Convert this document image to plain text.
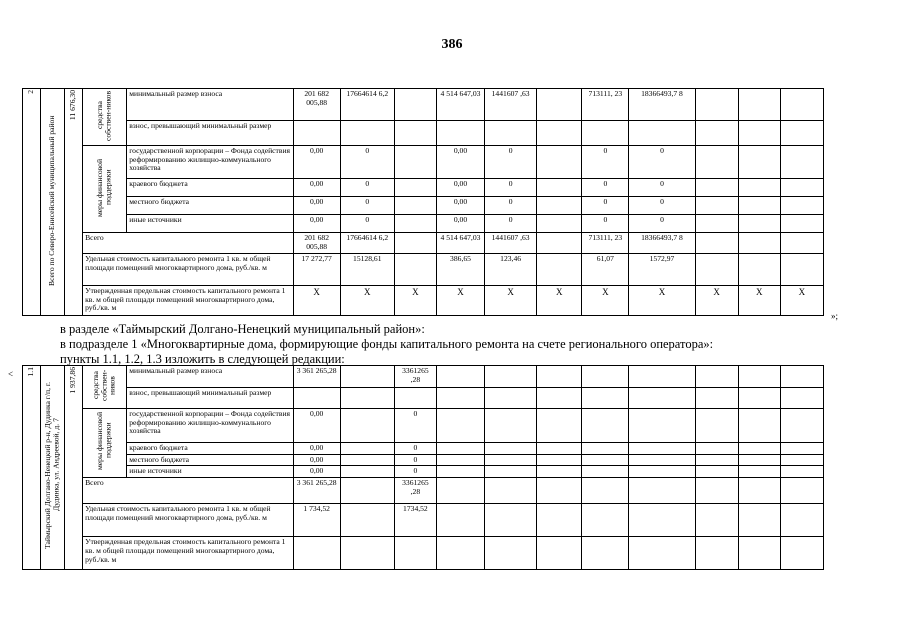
386
2	Всего по Северо-Енисейский муниципальный район	11 676,30	средства собствен-ников	минимальный размер взноса	201 682 005,88	17664614 6,2		4 514 647,03	1441607 ,63		713111, 23	18366493,7 8			
				взнос, превышающий минимальный размер											

			меры финансовой поддержки	государственной корпорации – Фонда содействия реформированию жилищно-коммунального хозяйства	0,00	0		0,00	0		0	0			
				краевого бюджета	0,00	0		0,00	0		0	0			
				местного бюджета	0,00	0		0,00	0		0	0			
				иные источники	0,00	0		0,00	0		0	0			
			Всего		201 682 005,88	17664614 6,2		4 514 647,03	1441607 ,63		713111, 23	18366493,7 8			
			Удельная стоимость капитального ремонта 1 кв. м общей площади помещений многоквартирного дома, руб./кв. м		17 272,77	15128,61		386,65	123,46		61,07	1572,97			
			Утвержденная предельная стоимость капитального ремонта 1 кв. м общей площади помещений многоквартирного дома, руб./кв. м		X	X	X	X	X	X	X	X	X	X	X
»;
в разделе «Таймырский Долгано-Ненецкий муниципальный район»:
в подразделе 1 «Многоквартирные дома, формирующие фонды капитального ремонта на счете регионального оператора»:
пункты 1.1, 1.2, 1.3 изложить в следующей редакции:
< 1.1	Таймырский Долгано-Ненецкий р-н, Дудинка г/п, г. Дудинка, ул. Андреевой, д. 7	1 937,86	средства собствен-ников	минимальный размер взноса	3 361 265,28		3361265 ,28								
				взнос, превышающий минимальный размер											

			меры финансовой поддержки	государственной корпорации – Фонда содействия реформированию жилищно-коммунального хозяйства	0,00		0								
				краевого бюджета	0,00		0								
				местного бюджета	0,00		0								
				иные источники	0,00		0								
			Всего		3 361 265,28		3361265 ,28								
			Удельная стоимость капитального ремонта 1 кв. м общей площади помещений многоквартирного дома, руб./кв. м		1 734,52		1734,52								
			Утвержденная предельная стоимость капитального ремонта 1 кв. м общей площади помещений многоквартирного дома, руб./кв. м												
